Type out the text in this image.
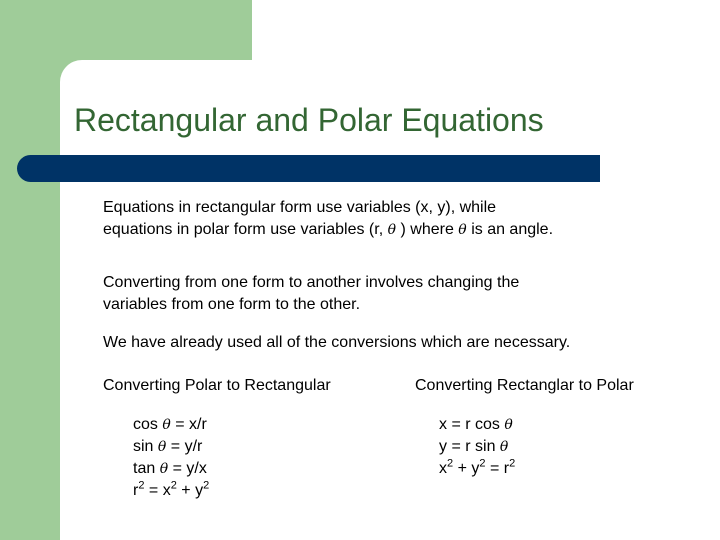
Rectangular and Polar Equations
Equations in rectangular form use variables (x, y), while
equations in polar form use variables (r, θ ) where θ is an angle.
Converting from one form to another involves changing the
variables from one form to the other.
We have already used all of the conversions which are necessary.
Converting Polar to Rectangular	Converting Rectanglar to Polar
cos θ = x/r
sin θ = y/r
tan θ = y/x
$r^2 = x^2 + y^2$
x = r cos θ
y = r sin θ
$x^2 + y^2 = r^2$
